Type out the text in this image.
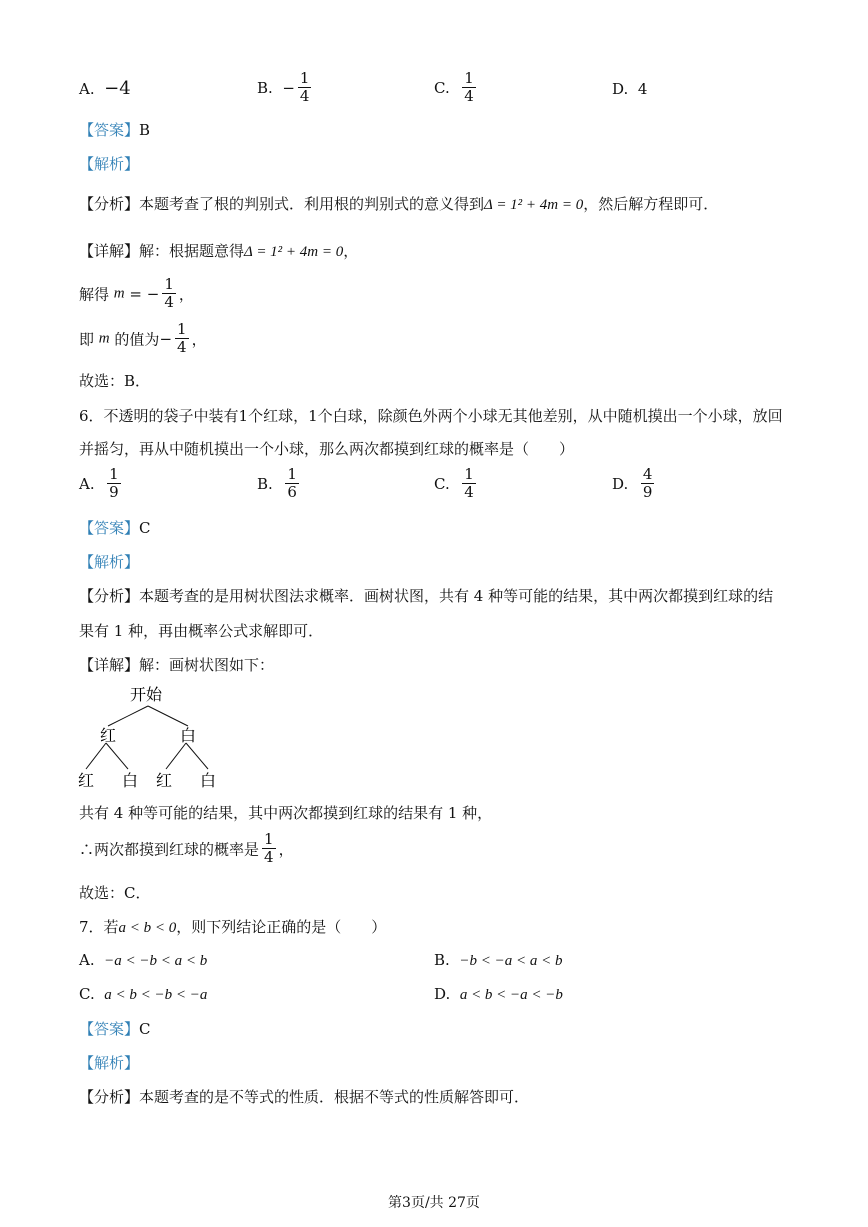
A. −4	B. − $\frac{1}{4}$	C. $\frac{1}{4}$	D. 4
【答案】B
【解析】
【分析】本题考查了根的判别式．利用根的判别式的意义得到Δ = 1² + 4m = 0，然后解方程即可．
【详解】解：根据题意得Δ = 1² + 4m = 0，
解得 m = − $\frac{1}{4}$ ，
即 m 的值为− $\frac{1}{4}$ ，
故选：B．
6．不透明的袋子中装有1个红球，1个白球，除颜色外两个小球无其他差别，从中随机摸出一个小球，放回
并摇匀，再从中随机摸出一个小球，那么两次都摸到红球的概率是（　　）
A. $\frac{1}{9}$	B. $\frac{1}{6}$	C. $\frac{1}{4}$	D. $\frac{4}{9}$
【答案】C
【解析】
【分析】本题考查的是用树状图法求概率．画树状图，共有 4 种等可能的结果，其中两次都摸到红球的结
果有 1 种，再由概率公式求解即可．
【详解】解：画树状图如下：
开始
红	白
红 白 红 白
共有 4 种等可能的结果，其中两次都摸到红球的结果有 1 种，
∴两次都摸到红球的概率是 $\frac{1}{4}$ ，
故选：C．
7．若a < b < 0，则下列结论正确的是（　　）
A. −a < −b < a < b	B. −b < −a < a < b
C. a < b < −b < −a	D. a < b < −a < −b
【答案】C
【解析】
【分析】本题考查的是不等式的性质．根据不等式的性质解答即可．
第3页/共 27页
